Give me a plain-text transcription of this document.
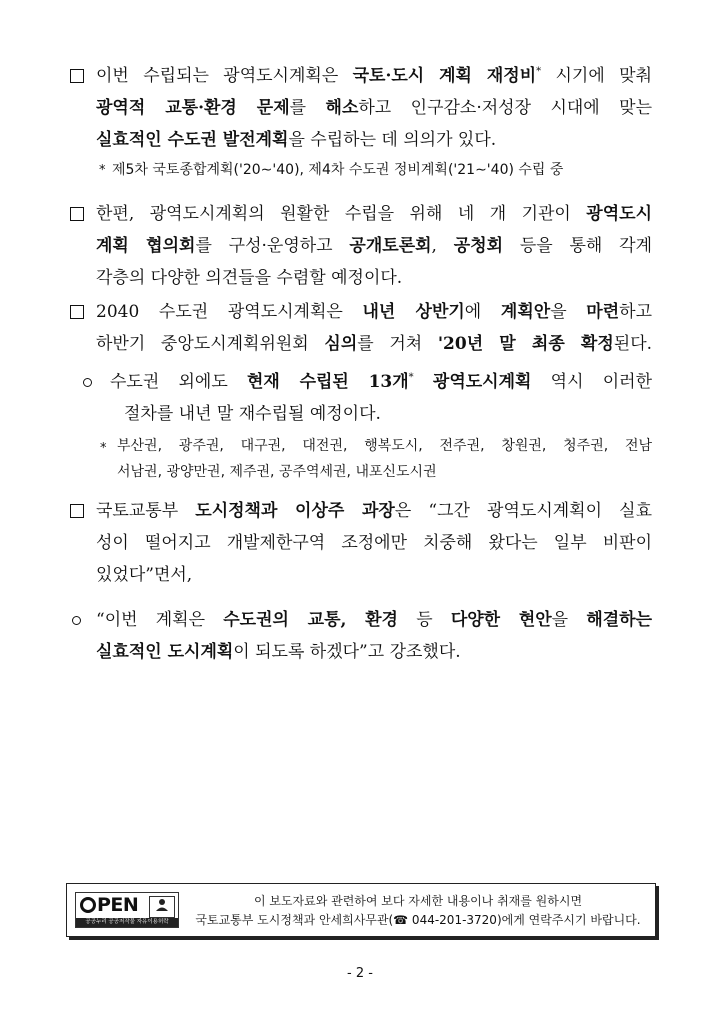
이번 수립되는 광역도시계획은 국토·도시 계획 재정비* 시기에 맞춰
광역적 교통·환경 문제를 해소하고 인구감소·저성장 시대에 맞는
실효적인 수도권 발전계획을 수립하는 데 의의가 있다.
* 제5차 국토종합계획('20∼'40), 제4차 수도권 정비계획('21∼'40) 수립 중
한편, 광역도시계획의 원활한 수립을 위해 네 개 기관이 광역도시
계획 협의회를 구성·운영하고 공개토론회, 공청회 등을 통해 각계
각층의 다양한 의견들을 수렴할 예정이다.
2040 수도권 광역도시계획은 내년 상반기에 계획안을 마련하고
하반기 중앙도시계획위원회 심의를 거쳐 '20년 말 최종 확정된다.
수도권 외에도 현재 수립된 13개* 광역도시계획 역시 이러한
절차를 내년 말 재수립될 예정이다.
* 부산권, 광주권, 대구권, 대전권, 행복도시, 전주권, 창원권, 청주권, 전남
서남권, 광양만권, 제주권, 공주역세권, 내포신도시권
국토교통부 도시정책과 이상주 과장은 “그간 광역도시계획이 실효
성이 떨어지고 개발제한구역 조정에만 치중해 왔다는 일부 비판이
있었다”면서,
“이번 계획은 수도권의 교통, 환경 등 다양한 현안을 해결하는
실효적인 도시계획이 되도록 하겠다”고 강조했다.
PEN
공공누리 공공저작물 자유이용허락
이 보도자료와 관련하여 보다 자세한 내용이나 취재를 원하시면
국토교통부 도시정책과 안세희사무관(☎ 044-201-3720)에게 연락주시기 바랍니다.
- 2 -
